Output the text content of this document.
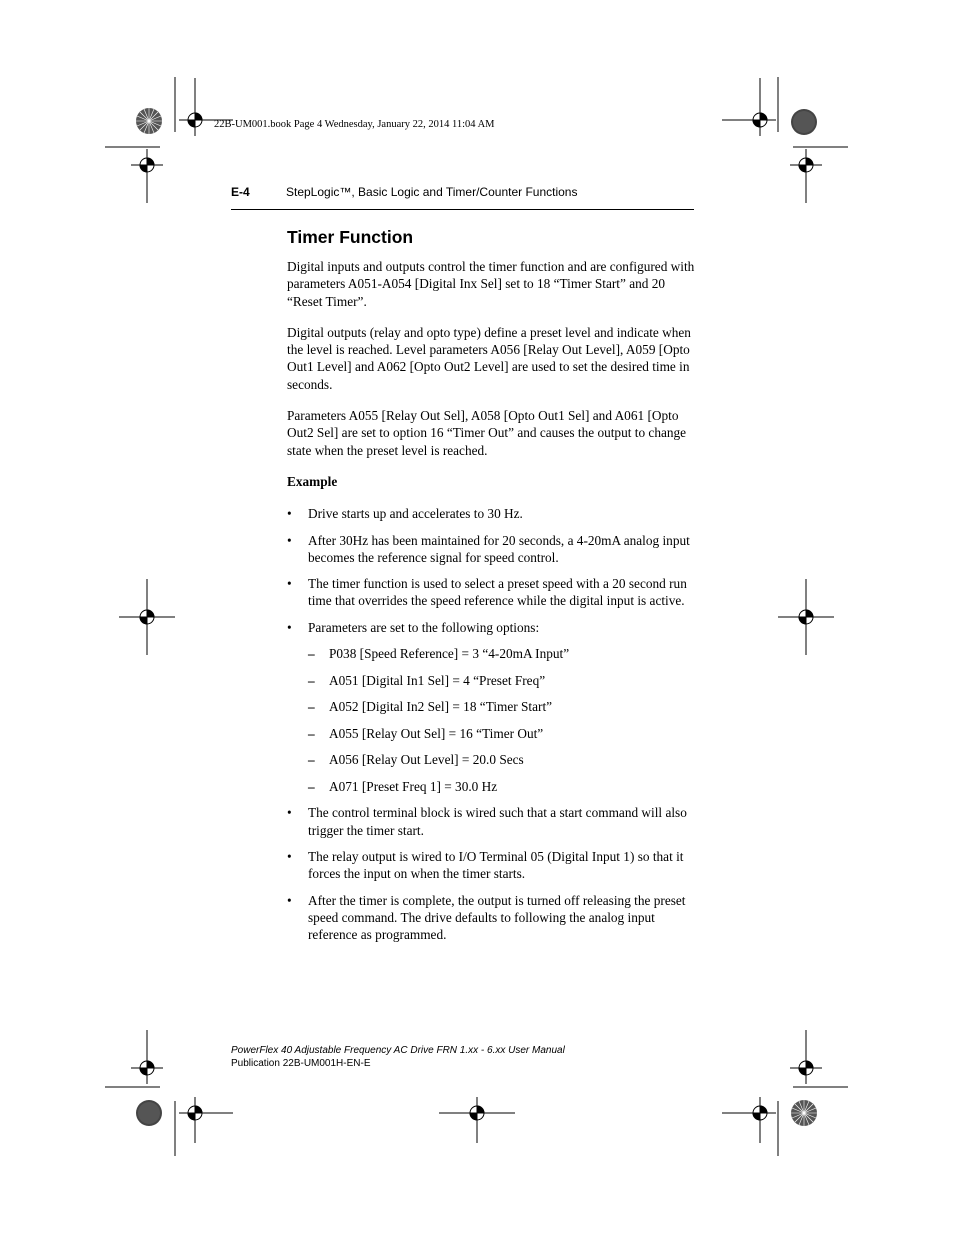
22B-UM001.book Page 4 Wednesday, January 22, 2014 11:04 AM
E-4	StepLogic™, Basic Logic and Timer/Counter Functions
Timer Function

Digital inputs and outputs control the timer function and are configured with parameters A051-A054 [Digital Inx Sel] set to 18 “Timer Start” and 20 “Reset Timer”.

Digital outputs (relay and opto type) define a preset level and indicate when the level is reached. Level parameters A056 [Relay Out Level], A059 [Opto Out1 Level] and A062 [Opto Out2 Level] are used to set the desired time in seconds.

Parameters A055 [Relay Out Sel], A058 [Opto Out1 Sel] and A061 [Opto Out2 Sel] are set to option 16 “Timer Out” and causes the output to change state when the preset level is reached.

Example
• Drive starts up and accelerates to 30 Hz.
• After 30Hz has been maintained for 20 seconds, a 4-20mA analog input becomes the reference signal for speed control.
• The timer function is used to select a preset speed with a 20 second run time that overrides the speed reference while the digital input is active.
• Parameters are set to the following options:
– P038 [Speed Reference] = 3 “4-20mA Input”
– A051 [Digital In1 Sel] = 4 “Preset Freq”
– A052 [Digital In2 Sel] = 18 “Timer Start”
– A055 [Relay Out Sel] = 16 “Timer Out”
– A056 [Relay Out Level] = 20.0 Secs
– A071 [Preset Freq 1] = 30.0 Hz
• The control terminal block is wired such that a start command will also trigger the timer start.
• The relay output is wired to I/O Terminal 05 (Digital Input 1) so that it forces the input on when the timer starts.
• After the timer is complete, the output is turned off releasing the preset speed command. The drive defaults to following the analog input reference as programmed.
PowerFlex 40 Adjustable Frequency AC Drive FRN 1.xx - 6.xx User Manual
Publication 22B-UM001H-EN-E
